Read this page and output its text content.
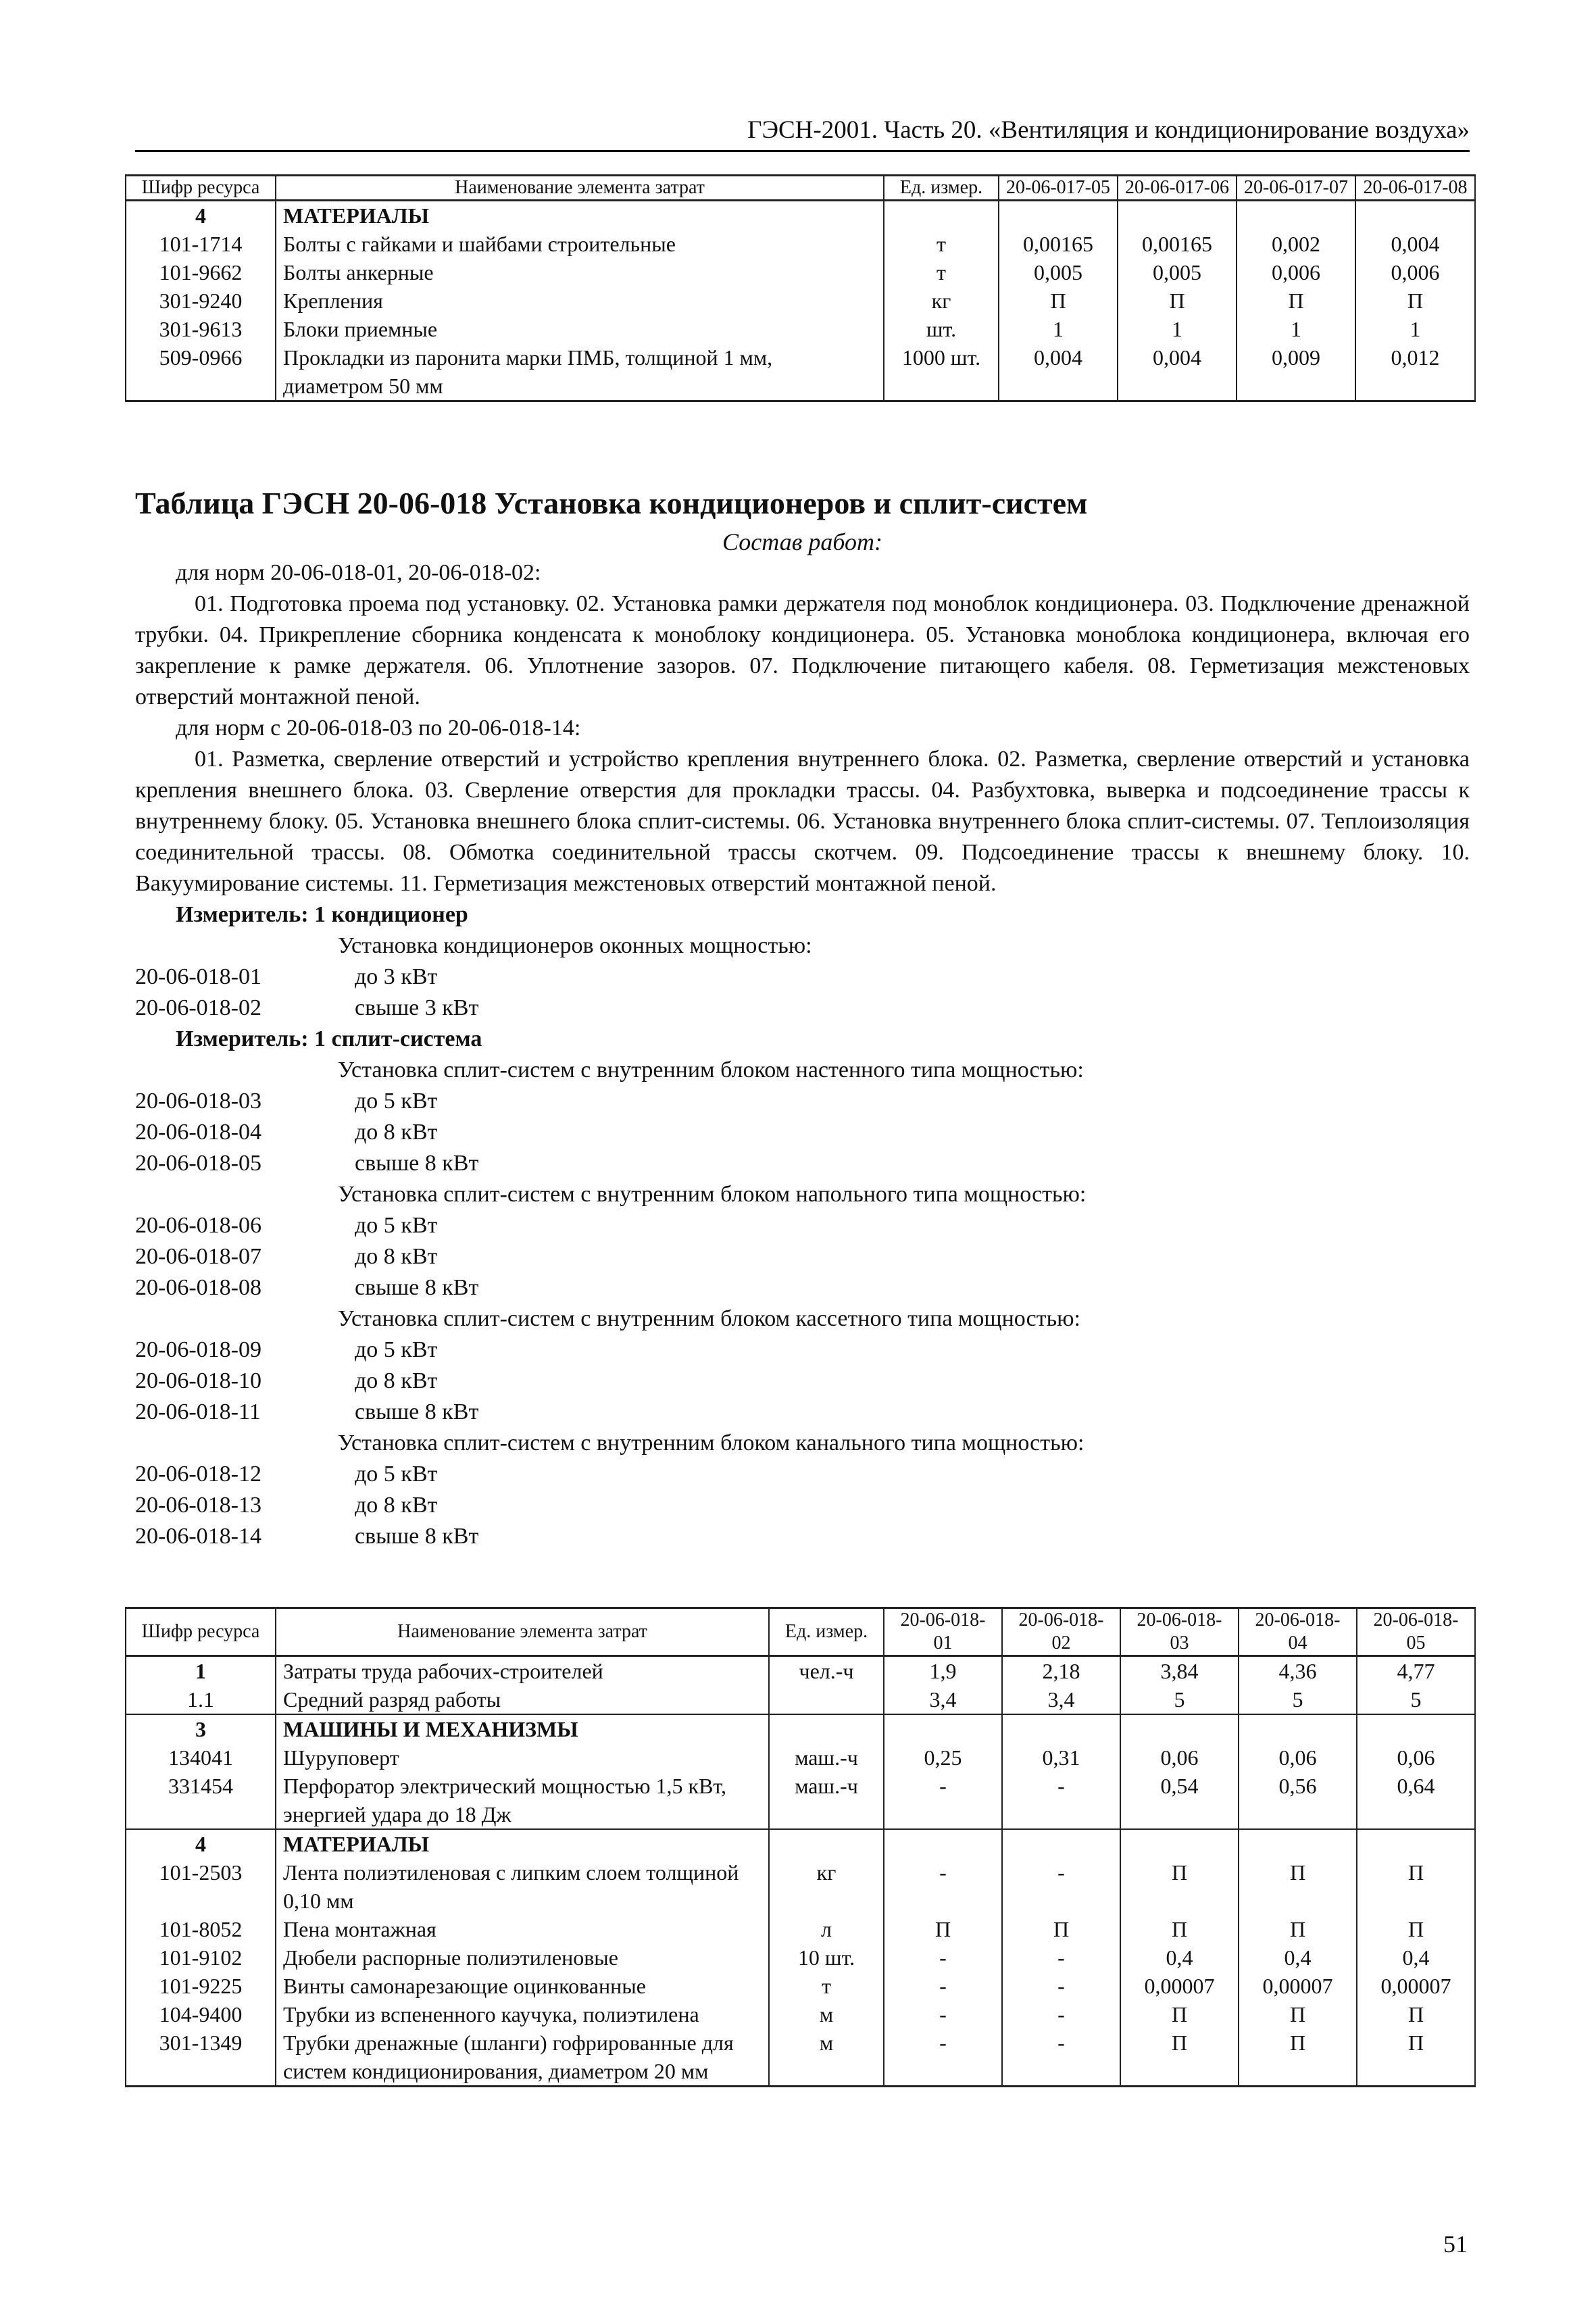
ГЭСН-2001. Часть 20. «Вентиляция и кондиционирование воздуха»
Шифр ресурса	Наименование элемента затрат	Ед. измер.	20-06-017-05	20-06-017-06	20-06-017-07	20-06-017-08
4	МАТЕРИАЛЫ					
101-1714	Болты с гайками и шайбами строительные	т	0,00165	0,00165	0,002	0,004
101-9662	Болты анкерные	т	0,005	0,005	0,006	0,006
301-9240	Крепления	кг	П	П	П	П
301-9613	Блоки приемные	шт.	1	1	1	1
509-0966	Прокладки из паронита марки ПМБ, толщиной 1 мм, диаметром 50 мм	1000 шт.	0,004	0,004	0,009	0,012

Таблица ГЭСН 20-06-018 Установка кондиционеров и сплит-систем

Состав работ:

для норм 20-06-018-01, 20-06-018-02:

01. Подготовка проема под установку. 02. Установка рамки держателя под моноблок кондиционера. 03. Подключение дренажной трубки. 04. Прикрепление сборника конденсата к моноблоку кондиционера. 05. Установка моноблока кондиционера, включая его закрепление к рамке держателя. 06. Уплотнение зазоров. 07. Подключение питающего кабеля. 08. Герметизация межстеновых отверстий монтажной пеной.

для норм с 20-06-018-03 по 20-06-018-14:

01. Разметка, сверление отверстий и устройство крепления внутреннего блока. 02. Разметка, сверление отверстий и установка крепления внешнего блока. 03. Сверление отверстия для прокладки трассы. 04. Разбухтовка, выверка и подсоединение трассы к внутреннему блоку. 05. Установка внешнего блока сплит-системы. 06. Установка внутреннего блока сплит-системы. 07. Теплоизоляция соединительной трассы. 08. Обмотка соединительной трассы скотчем. 09. Подсоединение трассы к внешнему блоку. 10. Вакуумирование системы. 11. Герметизация межстеновых отверстий монтажной пеной.

Измеритель: 1 кондиционер
Установка кондиционеров оконных мощностью:
20-06-018-01	до 3 кВт
20-06-018-02	свыше 3 кВт
Измеритель: 1 сплит-система
Установка сплит-систем с внутренним блоком настенного типа мощностью:
20-06-018-03	до 5 кВт
20-06-018-04	до 8 кВт
20-06-018-05	свыше 8 кВт
Установка сплит-систем с внутренним блоком напольного типа мощностью:
20-06-018-06	до 5 кВт
20-06-018-07	до 8 кВт
20-06-018-08	свыше 8 кВт
Установка сплит-систем с внутренним блоком кассетного типа мощностью:
20-06-018-09	до 5 кВт
20-06-018-10	до 8 кВт
20-06-018-11	свыше 8 кВт
Установка сплит-систем с внутренним блоком канального типа мощностью:
20-06-018-12	до 5 кВт
20-06-018-13	до 8 кВт
20-06-018-14	свыше 8 кВт
Шифр ресурса	Наименование элемента затрат	Ед. измер.	20-06-018-01	20-06-018-02	20-06-018-03	20-06-018-04	20-06-018-05
1	Затраты труда рабочих-строителей	чел.-ч	1,9	2,18	3,84	4,36	4,77
1.1	Средний разряд работы		3,4	3,4	5	5	5
3	МАШИНЫ И МЕХАНИЗМЫ						
134041	Шуруповерт	маш.-ч	0,25	0,31	0,06	0,06	0,06
331454	Перфоратор электрический мощностью 1,5 кВт, энергией удара до 18 Дж	маш.-ч	-	-	0,54	0,56	0,64
4	МАТЕРИАЛЫ						
101-2503	Лента полиэтиленовая с липким слоем толщиной 0,10 мм	кг	-	-	П	П	П
101-8052	Пена монтажная	л	П	П	П	П	П
101-9102	Дюбели распорные полиэтиленовые	10 шт.	-	-	0,4	0,4	0,4
101-9225	Винты самонарезающие оцинкованные	т	-	-	0,00007	0,00007	0,00007
104-9400	Трубки из вспененного каучука, полиэтилена	м	-	-	П	П	П
301-1349	Трубки дренажные (шланги) гофрированные для систем кондиционирования, диаметром 20 мм	м	-	-	П	П	П
51
